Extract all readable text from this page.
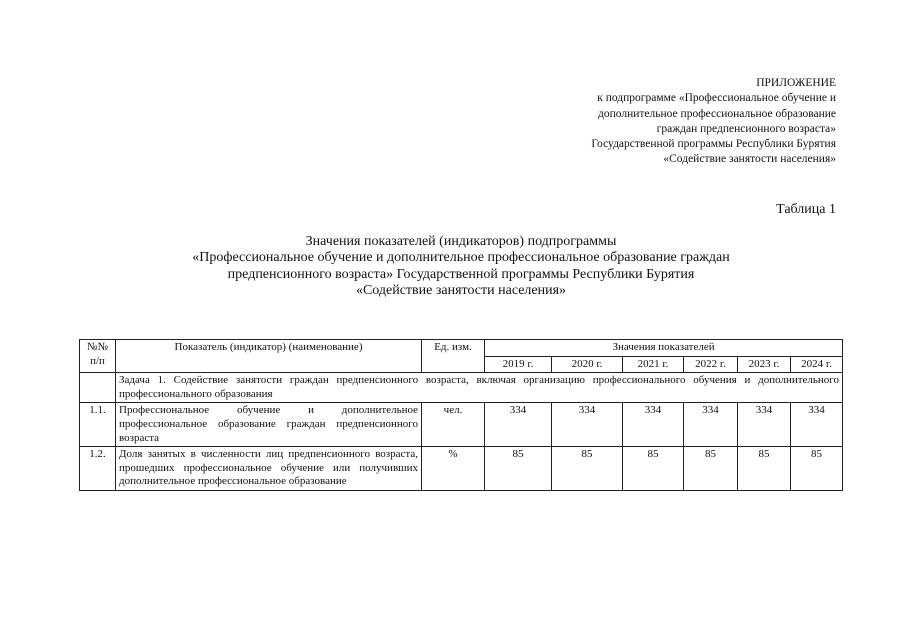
ПРИЛОЖЕНИЕ
к подпрограмме «Профессиональное обучение и
дополнительное профессиональное образование
граждан предпенсионного возраста»
Государственной программы Республики Бурятия
«Содействие занятости населения»
Таблица 1
Значения показателей (индикаторов) подпрограммы
«Профессиональное обучение и дополнительное профессиональное образование граждан
предпенсионного возраста» Государственной программы Республики Бурятия
«Содействие занятости населения»
№№
п/п	Показатель (индикатор) (наименование)	Ед. изм.	Значения показателей					
			2019 г.	2020 г.	2021 г.	2022 г.	2023 г.	2024 г.
	Задача 1. Содействие занятости граждан предпенсионного возраста, включая организацию профессионального обучения и дополнительного профессионального образования							
1.1.	Профессиональное обучение и дополнительное профессиональное образование граждан предпенсионного возраста	чел.	334	334	334	334	334	334
1.2.	Доля занятых в численности лиц предпенсионного возраста, прошедших профессиональное обучение или получивших дополнительное профессиональное образование	%	85	85	85	85	85	85
